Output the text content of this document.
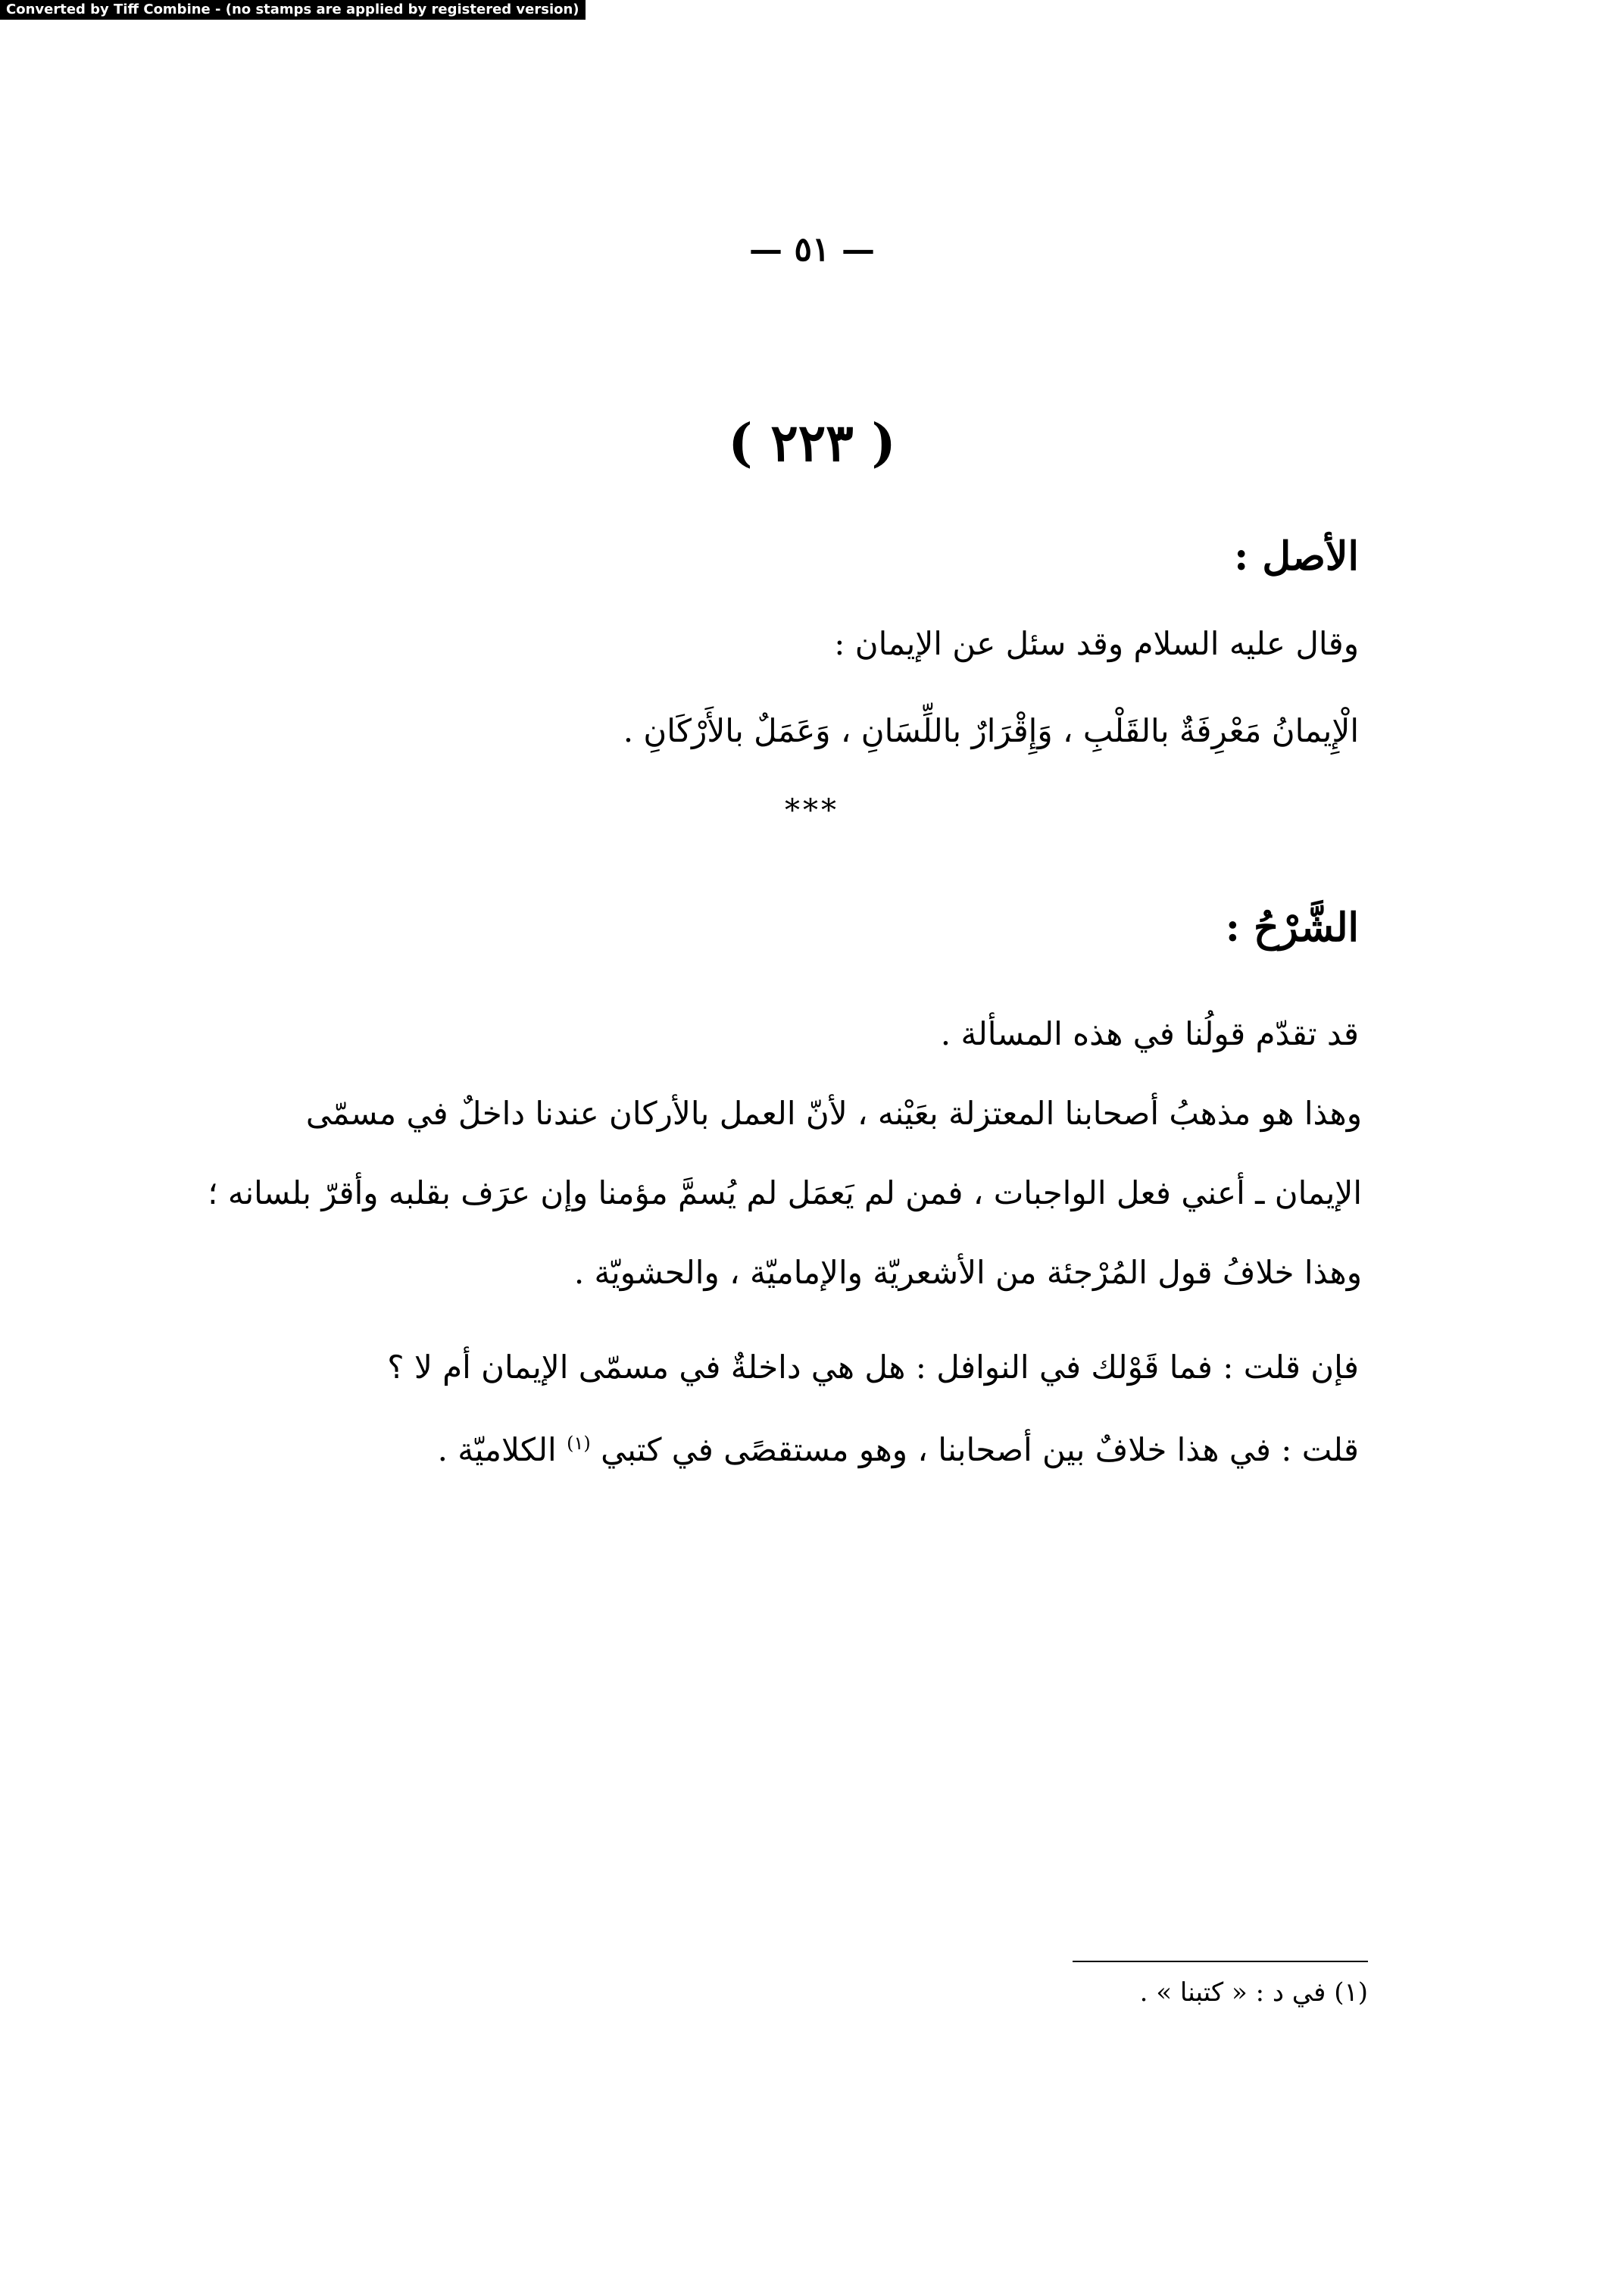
Converted by Tiff Combine - (no stamps are applied by registered version)
— ٥١ —
( ٢٢٣ )
الأصل :
وقال عليه السلام وقد سئل عن الإيمان :
الْإِيمانُ مَعْرِفَةٌ بالقَلْبِ ، وَإِقْرَارٌ باللِّسَانِ ، وَعَمَلٌ بالأَرْكَانِ .
***
الشَّرْحُ :
قد تقدّم قولُنا في هذه المسألة .
وهذا هو مذهبُ أصحابنا المعتزلة بعَيْنه ، لأنّ العمل بالأركان عندنا داخلٌ في مسمّى
الإيمان ـ أعني فعل الواجبات ، فمن لم يَعمَل لم يُسمَّ مؤمنا وإن عرَف بقلبه وأقرّ بلسانه ؛
وهذا خلافُ قول المُرْجئة من الأشعريّة والإماميّة ، والحشويّة .
فإن قلت : فما قَوْلك في النوافل : هل هي داخلةٌ في مسمّى الإيمان أم لا ؟
قلت : في هذا خلافٌ بين أصحابنا ، وهو مستقصًى في كتبي $^{(١)}$ الكلاميّة .
(١) في د : « كتبنا » .
